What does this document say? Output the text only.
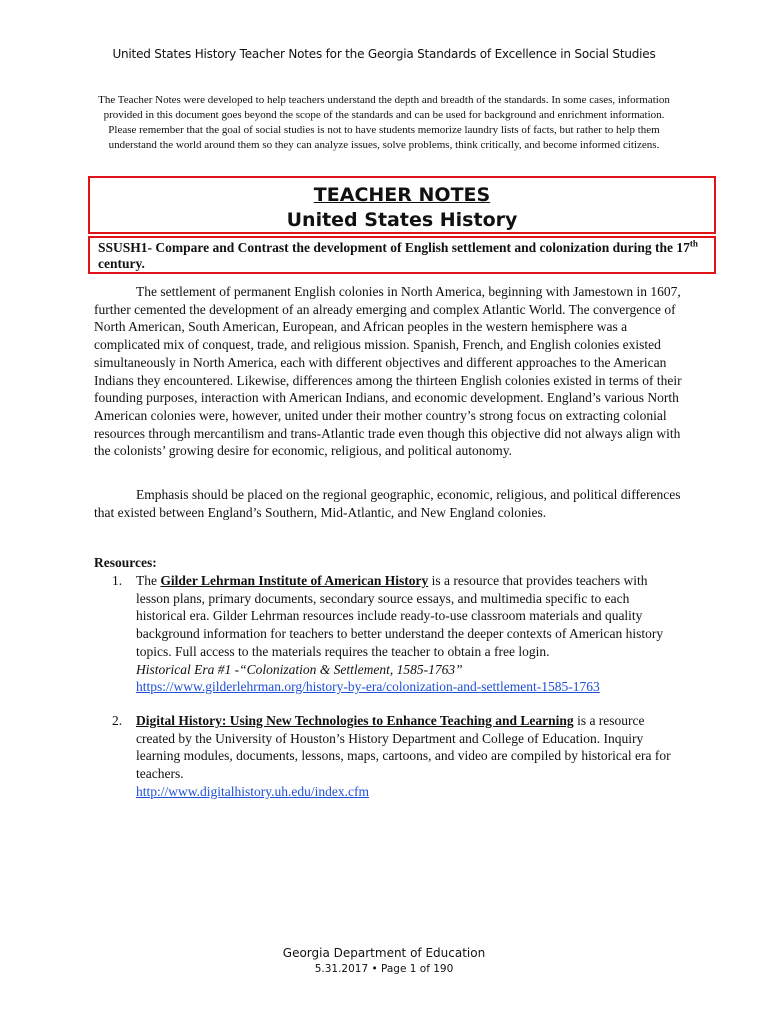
United States History Teacher Notes for the Georgia Standards of Excellence in Social Studies
The Teacher Notes were developed to help teachers understand the depth and breadth of the standards. In some cases, information provided in this document goes beyond the scope of the standards and can be used for background and enrichment information. Please remember that the goal of social studies is not to have students memorize laundry lists of facts, but rather to help them understand the world around them so they can analyze issues, solve problems, think critically, and become informed citizens.
TEACHER NOTES
United States History
SSUSH1- Compare and Contrast the development of English settlement and colonization during the 17th century.
The settlement of permanent English colonies in North America, beginning with Jamestown in 1607, further cemented the development of an already emerging and complex Atlantic World. The convergence of North American, South American, European, and African peoples in the western hemisphere was a complicated mix of conquest, trade, and religious mission. Spanish, French, and English colonies existed simultaneously in North America, each with different objectives and different approaches to the American Indians they encountered. Likewise, differences among the thirteen English colonies existed in terms of their founding purposes, interaction with American Indians, and economic development. England’s various North American colonies were, however, united under their mother country’s strong focus on extracting colonial resources through mercantilism and trans-Atlantic trade even though this objective did not always align with the colonists’ growing desire for economic, religious, and political autonomy.
Emphasis should be placed on the regional geographic, economic, religious, and political differences that existed between England’s Southern, Mid-Atlantic, and New England colonies.
Resources:
1. The Gilder Lehrman Institute of American History is a resource that provides teachers with lesson plans, primary documents, secondary source essays, and multimedia specific to each historical era. Gilder Lehrman resources include ready-to-use classroom materials and quality background information for teachers to better understand the deeper contexts of American history topics. Full access to the materials requires the teacher to obtain a free login.
Historical Era #1 -“Colonization & Settlement, 1585-1763”
https://www.gilderlehrman.org/history-by-era/colonization-and-settlement-1585-1763
2. Digital History: Using New Technologies to Enhance Teaching and Learning is a resource created by the University of Houston’s History Department and College of Education. Inquiry learning modules, documents, lessons, maps, cartoons, and video are compiled by historical era for teachers.
http://www.digitalhistory.uh.edu/index.cfm
Georgia Department of Education
5.31.2017 • Page 1 of 190
